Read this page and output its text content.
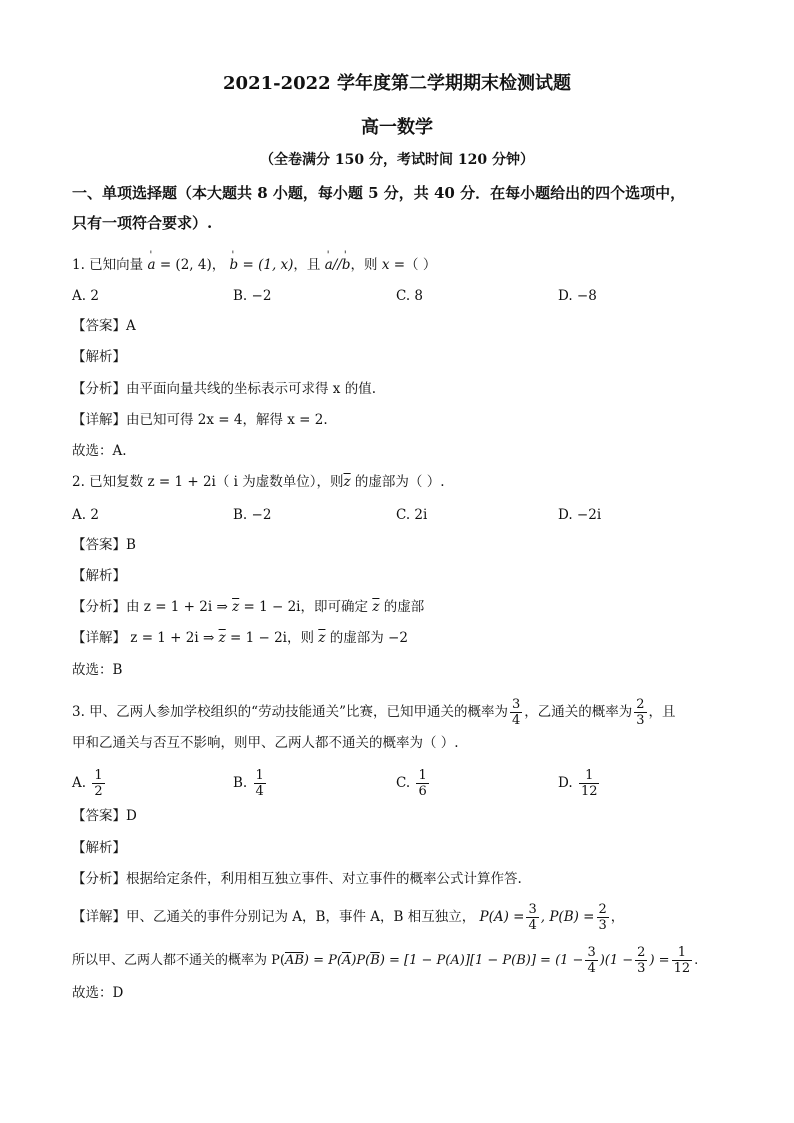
2021-2022 学年度第二学期期末检测试题
高一数学
（全卷满分 150 分，考试时间 120 分钟）
一、单项选择题（本大题共 8 小题，每小题 5 分，共 40 分．在每小题给出的四个选项中，
只有一项符合要求）.
1. 已知向量 ' a = (2, 4)， ' b = (1, x)，且 ' a//' b，则 x =（ ）
A. 2	B. −2	C. 8	D. −8
【答案】A
【解析】
【分析】由平面向量共线的坐标表示可求得 x 的值.
【详解】由已知可得 2x = 4，解得 x = 2.
故选：A.
2. 已知复数 z = 1 + 2i（ i 为虚数单位），则$\overline{z}$ 的虚部为（ ）.
A. 2	B. −2	C. 2i	D. −2i
【答案】B
【解析】
【分析】由 z = 1 + 2i ⇒ $\overline{z} = 1 - 2i$，即可确定 $\overline{z}$ 的虚部
【详解】 z = 1 + 2i ⇒ $\overline{z} = 1 - 2i$，则 $\overline{z}$ 的虚部为 −2
故选：B
3. 甲、乙两人参加学校组织的“劳动技能通关”比赛，已知甲通关的概率为 $\frac{3}{4}$ ，乙通关的概率为 $\frac{2}{3}$ ，且
甲和乙通关与否互不影响，则甲、乙两人都不通关的概率为（ ）.
A. $\frac{1}{2}$	B. $\frac{1}{4}$	C. $\frac{1}{6}$	D. $\frac{1}{12}$
【答案】D
【解析】
【分析】根据给定条件，利用相互独立事件、对立事件的概率公式计算作答.
【详解】甲、乙通关的事件分别记为 A，B，事件 A，B 相互独立， $P(A) = \frac{3}{4}$ , $P(B) = \frac{2}{3}$ ，
所以甲、乙两人都不通关的概率为 $P(\overline{AB}) = P(\overline{A})P(\overline{B}) = [1 - P(A)][1 - P(B)] = (1 - \frac{3}{4} )(1 - \frac{2}{3}$ ) = $\frac{1}{12}$ .
故选：D
